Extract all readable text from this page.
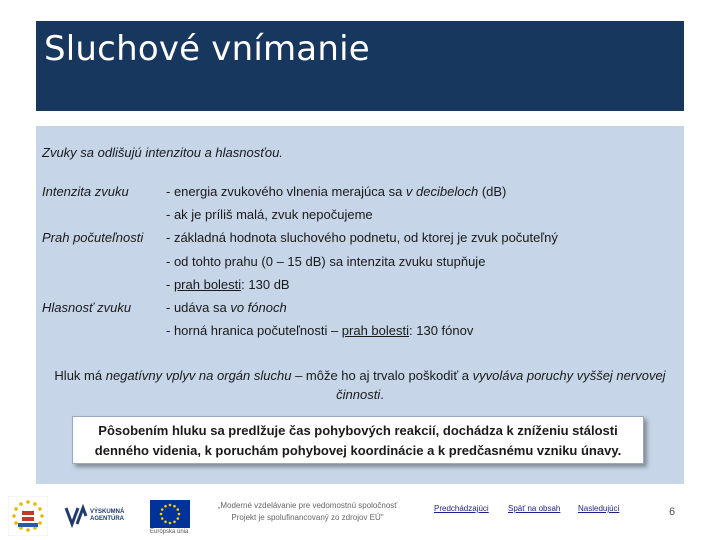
Sluchové vnímanie
Zvuky sa odlišujú intenzitou a hlasnosťou.
Intenzita zvuku	- energia zvukového vlnenia merajúca sa v decibeloch (dB)
- ak je príliš malá, zvuk nepočujeme
Prah počuteľnosti	- základná hodnota sluchového podnetu, od ktorej je zvuk počuteľný
- od tohto prahu (0 – 15 dB) sa intenzita zvuku stupňuje
- prah bolesti: 130 dB
Hlasnosť zvuku	- udáva sa vo fónoch
- horná hranica počuteľnosti – prah bolesti: 130 fónov
Hluk má negatívny vplyv na orgán sluchu – môže ho aj trvalo poškodiť a vyvoláva poruchy vyššej nervovej činnosti.
Pôsobením hluku sa predlžuje čas pohybových reakcií, dochádza k zníženiu stálosti denného videnia, k poruchám pohybovej koordinácie a k predčasnému vzniku únavy.
VÝSKUMNÁ AGENTÚRA
Európska únia
„Moderné vzdelávanie pre vedomostnú spoločnosť Projekt je spolufinancovaný zo zdrojov EÚ"
Predchádzajúci Späť na obsah Nasledujúci	6
